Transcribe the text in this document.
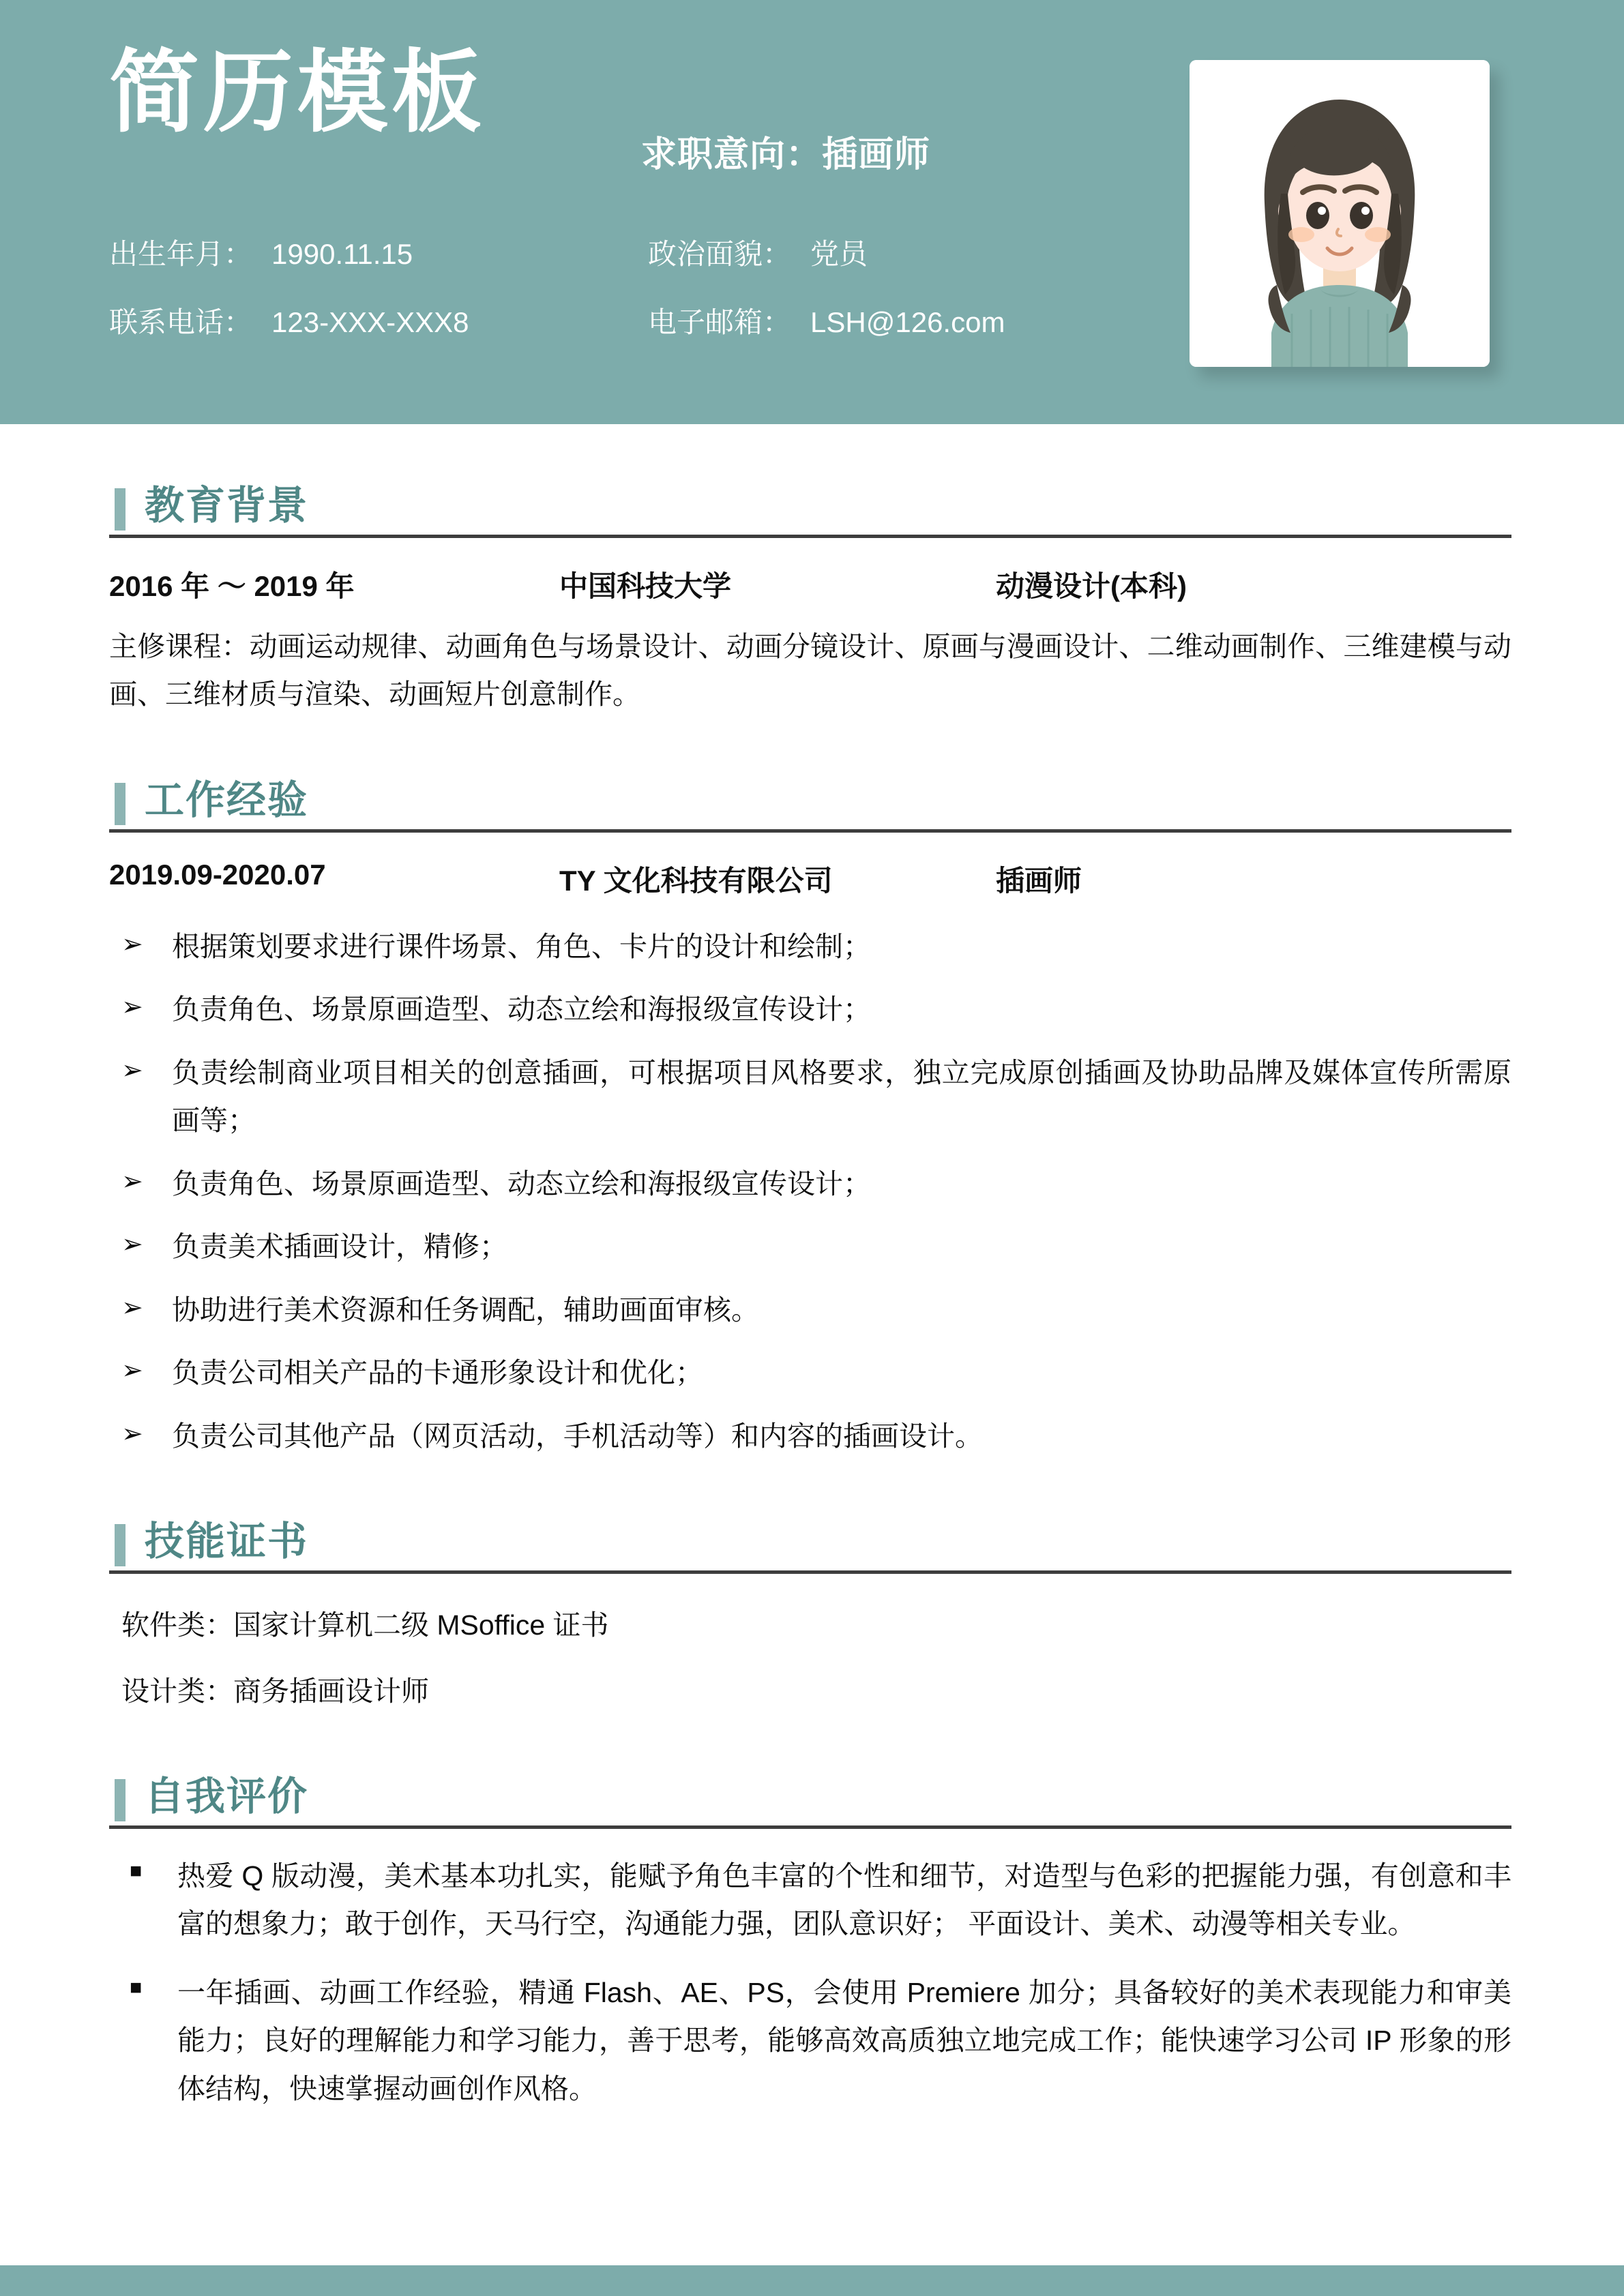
简历模板
求职意向：插画师
出生年月： 1990.11.15	政治面貌： 党员
联系电话： 123-XXX-XXX8	电子邮箱： LSH@126.com
教育背景
2016 年 ～ 2019 年	中国科技大学	动漫设计(本科)
主修课程：动画运动规律、动画角色与场景设计、动画分镜设计、原画与漫画设计、二维动画制作、三维建模与动画、三维材质与渲染、动画短片创意制作。
工作经验
2019.09-2020.07	TY 文化科技有限公司	插画师
➢ 根据策划要求进行课件场景、角色、卡片的设计和绘制；
➢ 负责角色、场景原画造型、动态立绘和海报级宣传设计；
➢ 负责绘制商业项目相关的创意插画，可根据项目风格要求，独立完成原创插画及协助品牌及媒体宣传所需原画等；
➢ 负责角色、场景原画造型、动态立绘和海报级宣传设计；
➢ 负责美术插画设计，精修；
➢ 协助进行美术资源和任务调配，辅助画面审核。
➢ 负责公司相关产品的卡通形象设计和优化；
➢ 负责公司其他产品（网页活动，手机活动等）和内容的插画设计。
技能证书
软件类：国家计算机二级 MSoffice 证书
设计类：商务插画设计师
自我评价
■ 热爱 Q 版动漫，美术基本功扎实，能赋予角色丰富的个性和细节，对造型与色彩的把握能力强，有创意和丰富的想象力；敢于创作，天马行空，沟通能力强，团队意识好； 平面设计、美术、动漫等相关专业。
■ 一年插画、动画工作经验，精通 Flash、AE、PS，会使用 Premiere 加分；具备较好的美术表现能力和审美能力；良好的理解能力和学习能力，善于思考，能够高效高质独立地完成工作；能快速学习公司 IP 形象的形体结构，快速掌握动画创作风格。
